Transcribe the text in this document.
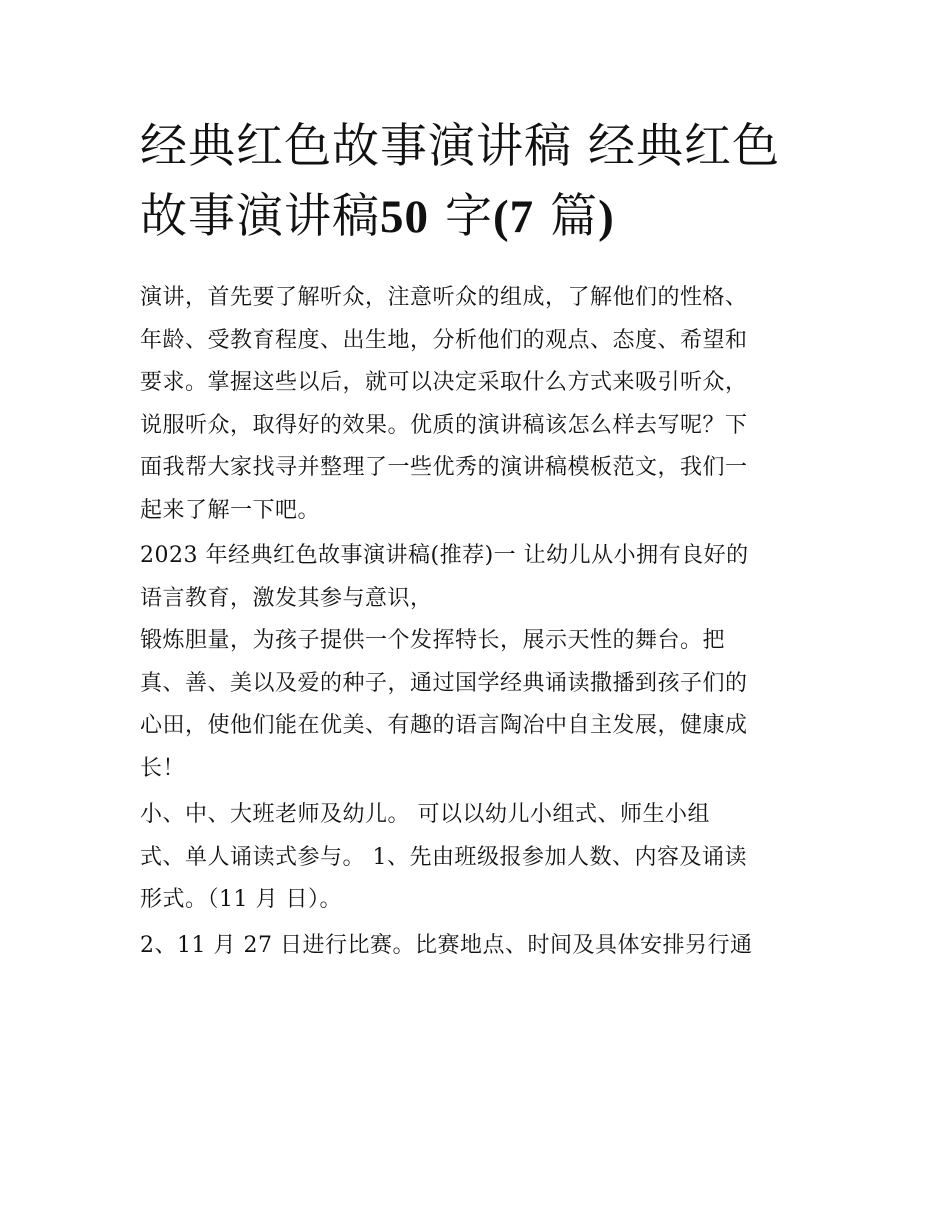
经典红色故事演讲稿 经典红色
故事演讲稿50 字(7 篇)

演讲，首先要了解听众，注意听众的组成，了解他们的性格、
年龄、受教育程度、出生地，分析他们的观点、态度、希望和
要求。掌握这些以后，就可以决定采取什么方式来吸引听众，
说服听众，取得好的效果。优质的演讲稿该怎么样去写呢？下
面我帮大家找寻并整理了一些优秀的演讲稿模板范文，我们一
起来了解一下吧。

2023 年经典红色故事演讲稿(推荐)一 让幼儿从小拥有良好的
语言教育，激发其参与意识，

锻炼胆量，为孩子提供一个发挥特长，展示天性的舞台。把
真、善、美以及爱的种子，通过国学经典诵读撒播到孩子们的
心田，使他们能在优美、有趣的语言陶冶中自主发展，健康成
长！

小、中、大班老师及幼儿。 可以以幼儿小组式、师生小组
式、单人诵读式参与。 1、先由班级报参加人数、内容及诵读
形式。（11 月 日）。

2、11 月 27 日进行比赛。比赛地点、时间及具体安排另行通
